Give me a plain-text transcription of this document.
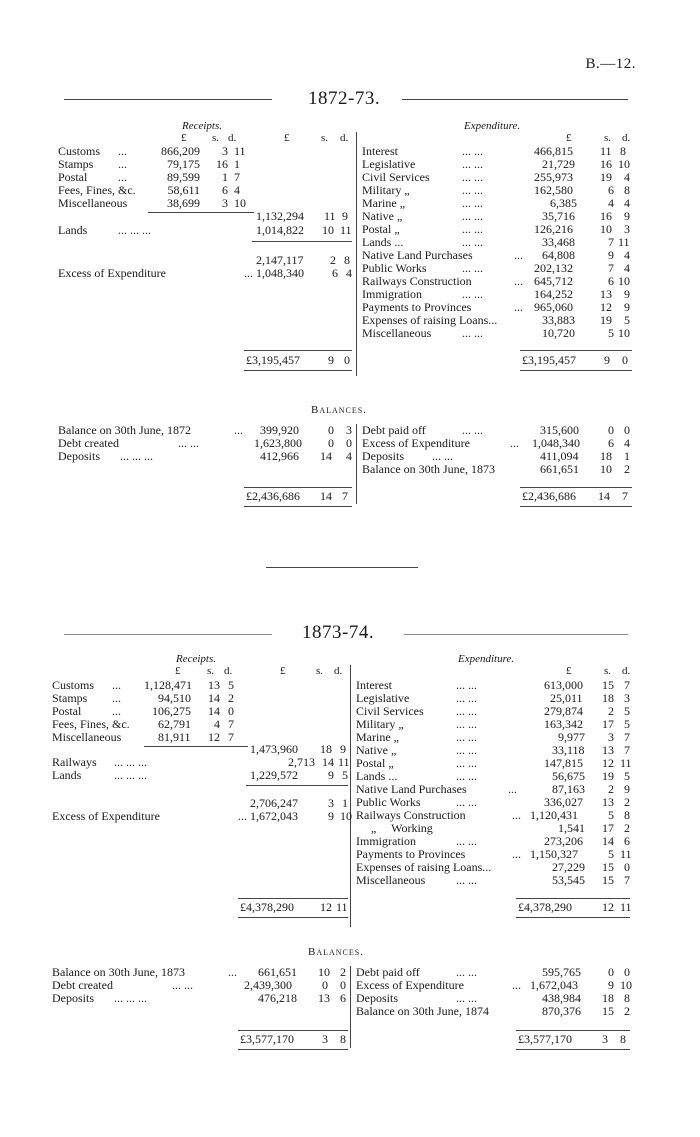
B.—12.
1872-73.
Receipts.	Expenditure.
£ s. d.	£	s. d.	£	s. d.
Customs ...	866,209 3 11
Stamps ...	79,175 16 1
Postal	...	89,599 1 7
Fees, Fines, &c.	58,611 6 4
Miscellaneous	38,699 3 10
1,132,294 11 9
Lands	... ... ...	1,014,822 10 11
2,147,117 2 8
Excess of Expenditure	... 1,048,340 6 4
£3,195,457 9 0
Interest	... ...	466,815 11 8
Legislative	... ...	21,729 16 10
Civil Services	... ...	255,973 19 4
Military „	... ...	162,580	6 8
Marine „	... ...	6,385	4 4
Native „	... ...	35,716 16 9
Postal „	... ...	126,216 10 3
Lands ...	... ...	33,468	7 11
Native Land Purchases	... 64,808	9 4
Public Works	... ...	202,132	7 4
Railways Construction	... 645,712	6 10
Immigration	... ...	164,252 13 9
Payments to Provinces	... 965,060 12 9
Expenses of raising Loans...	33,883 19 5
Miscellaneous	... ...	10,720	5 10
£3,195,457 9 0
Balances.
Balance on 30th June, 1872	... 399,920 0 3
Debt created	... ...	1,623,800 0 0
Deposits ... ... ...	412,966 14 4
Debt paid off	... ...	315,600 0 0
Excess of Expenditure	... 1,048,340 6 4
Deposits ... ...	411,094 18 1
Balance on 30th June, 1873	661,651 10 2
£2,436,686 14 7	£2,436,686 14 7
1873-74.
Receipts.	Expenditure.
£ s. d.	£	s. d.	£	s. d.
Customs ... 1,128,471 13 5
Stamps ...	94,510 14 2
Postal	...	106,275 14 0
Fees, Fines, &c. 62,791 4 7
Miscellaneous	81,911 12 7
1,473,960 18 9
Railways ... ... ...	2,713 14 11
Lands	... ... ...	1,229,572	9 5
2,706,247	3 1
Excess of Expenditure	... 1,672,043	9 10
£4,378,290 12 11
Interest	... ...	613,000 15 7
Legislative	... ...	25,011 18 3
Civil Services	... ...	279,874 2 5
Military „	... ...	163,342 17 5
Marine „	... ...	9,977 3 7
Native „	... ...	33,118 13 7
Postal „	... ...	147,815 12 11
Lands ...	... ...	56,675 19 5
Native Land Purchases	...	87,163 2 9
Public Works	... ...	336,027 13 2
Railways Construction	... 1,120,431	5 8
„     Working	1,541 17 2
Immigration	... ...	273,206 14 6
Payments to Provinces	... 1,150,327	5 11
Expenses of raising Loans...	27,229 15 0
Miscellaneous	... ...	53,545 15 7
£4,378,290	12 11
Balances.
Balance on 30th June, 1873	... 661,651 10 2
Debt created	... ...	2,439,300	0 0
Deposits ... ... ...	476,218 13 6
Debt paid off	... ...	595,765 0 0
Excess of Expenditure	... 1,672,043	9 10
Deposits	... ...	438,984 18 8
Balance on 30th June, 1874	870,376 15 2
£3,577,170 3 8	£3,577,170	3 8
